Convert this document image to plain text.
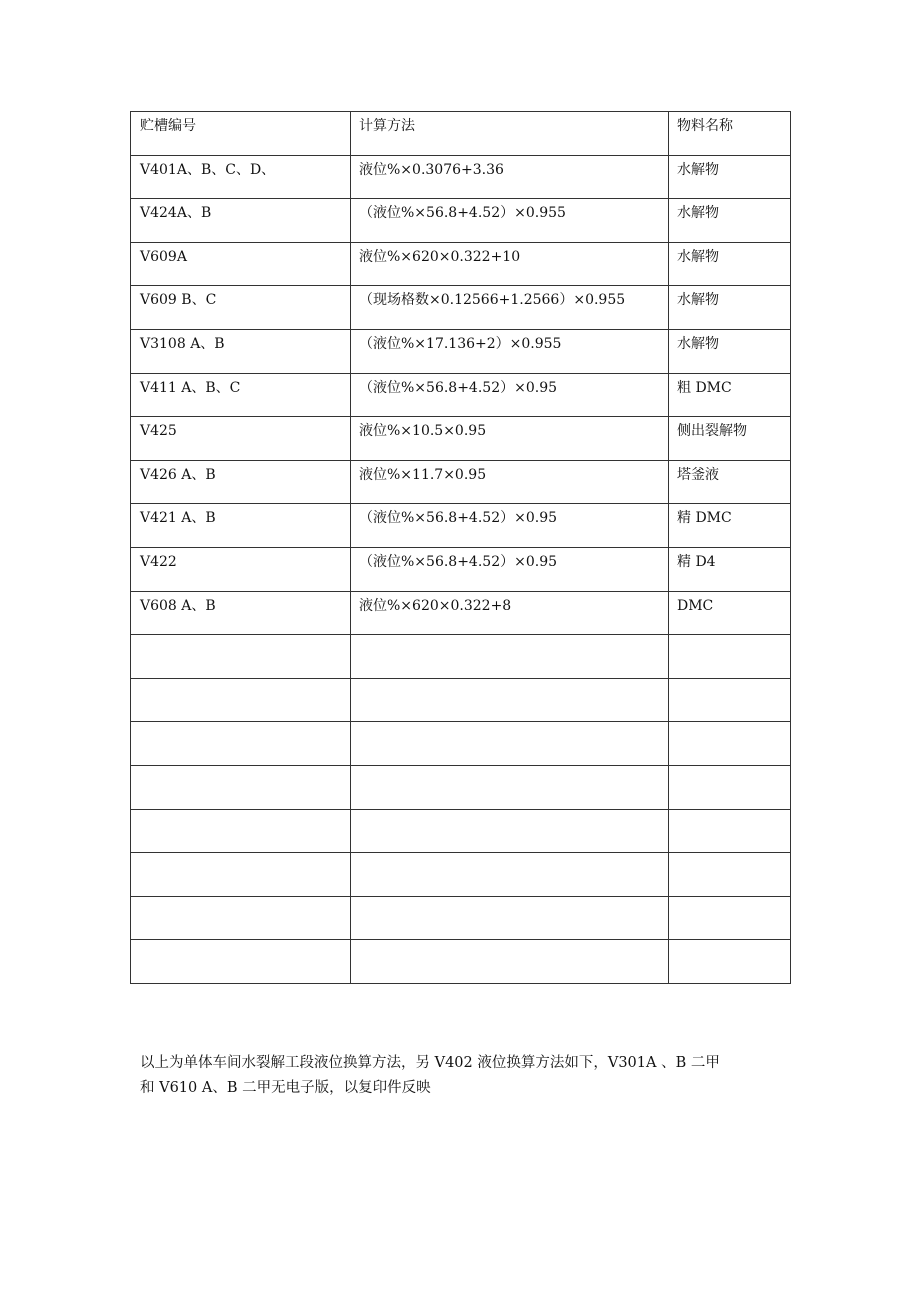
贮槽编号	计算方法	物料名称

V401A、B、C、D、	液位%×0.3076+3.36	水解物

V424A、B	（液位%×56.8+4.52）×0.955	水解物

V609A	液位%×620×0.322+10	水解物

V609 B、C	（现场格数×0.12566+1.2566）×0.955	水解物

V3108 A、B	（液位%×17.136+2）×0.955	水解物

V411 A、B、C	（液位%×56.8+4.52）×0.95	粗 DMC

V425	液位%×10.5×0.95	侧出裂解物

V426 A、B	液位%×11.7×0.95	塔釜液

V421 A、B	（液位%×56.8+4.52）×0.95	精 DMC

V422	（液位%×56.8+4.52）×0.95	精 D4

V608 A、B	液位%×620×0.322+8	DMC

以上为单体车间水裂解工段液位换算方法，另 V402 液位换算方法如下，V301A 、B 二甲
和 V610 A、B 二甲无电子版，以复印件反映
